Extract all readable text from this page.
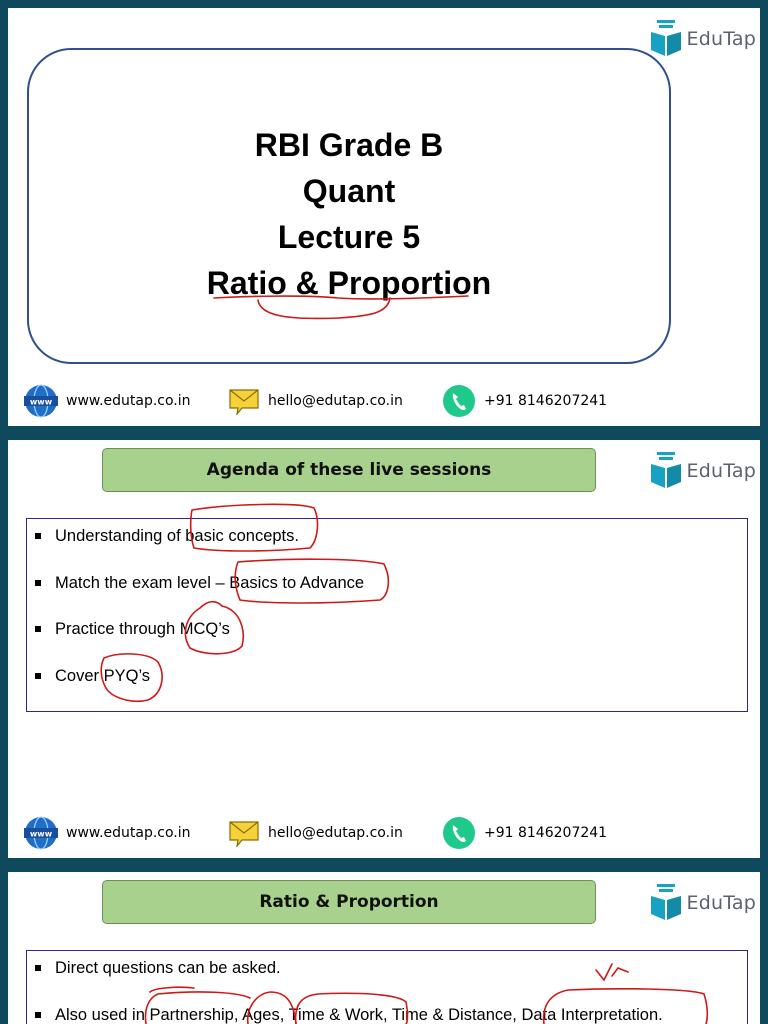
EduTap
RBI Grade B
Quant
Lecture 5
Ratio & Proportion
www www.edutap.co.in	hello@edutap.co.in	+91 8146207241
Agenda of these live sessions	EduTap
Understanding of basic concepts.
Match the exam level – Basics to Advance
Practice through MCQ’s
Cover PYQ’s
www www.edutap.co.in	hello@edutap.co.in	+91 8146207241
Ratio & Proportion	EduTap
Direct questions can be asked.
Also used in Partnership, Ages, Time & Work, Time & Distance, Data Interpretation.
